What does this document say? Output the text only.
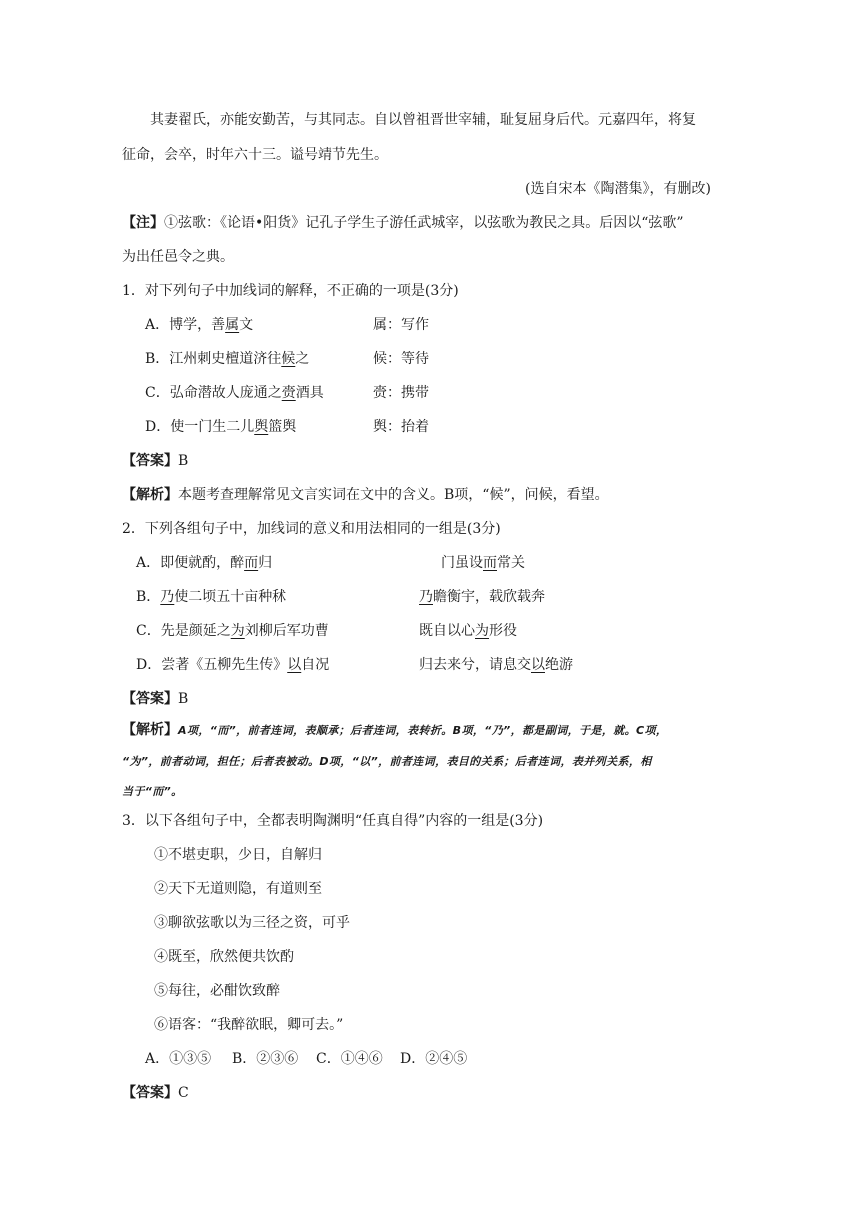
其妻翟氏，亦能安勤苦，与其同志。自以曾祖晋世宰辅，耻复屈身后代。元嘉四年，将复
征命，会卒，时年六十三。谥号靖节先生。
(选自宋本《陶潜集》，有删改)
【注】①弦歌：《论语•阳货》记孔子学生子游任武城宰，以弦歌为教民之具。后因以“弦歌”
为出任邑令之典。
1．对下列句子中加线词的解释，不正确的一项是(3分)
A．博学，善属文	属：写作
B．江州刺史檀道济往候之	候：等待
C．弘命潜故人庞通之赍酒具	赍：携带
D．使一门生二儿舆篮舆	舆：抬着
【答案】B
【解析】本题考查理解常见文言实词在文中的含义。B项，“候”，问候，看望。
2．下列各组句子中，加线词的意义和用法相同的一组是(3分)
A．即便就酌，醉而归	门虽设而常关
B．乃使二顷五十亩种秫	乃瞻衡宇，载欣载奔
C．先是颜延之为刘柳后军功曹	既自以心为形役
D．尝著《五柳先生传》以自况	归去来兮，请息交以绝游
【答案】B
【解析】A项，“而”，前者连词，表顺承；后者连词，表转折。B项，“乃”，都是副词，于是，就。C项，
“为”，前者动词，担任；后者表被动。D项，“以”，前者连词，表目的关系；后者连词，表并列关系，相
当于“而”。
3．以下各组句子中，全都表明陶渊明“任真自得”内容的一组是(3分)
①不堪吏职，少日，自解归
②天下无道则隐，有道则至
③聊欲弦歌以为三径之资，可乎
④既至，欣然便共饮酌
⑤每往，必酣饮致醉
⑥语客：“我醉欲眠，卿可去。”
A．①③⑤ B．②③⑥ C．①④⑥ D．②④⑤
【答案】C
